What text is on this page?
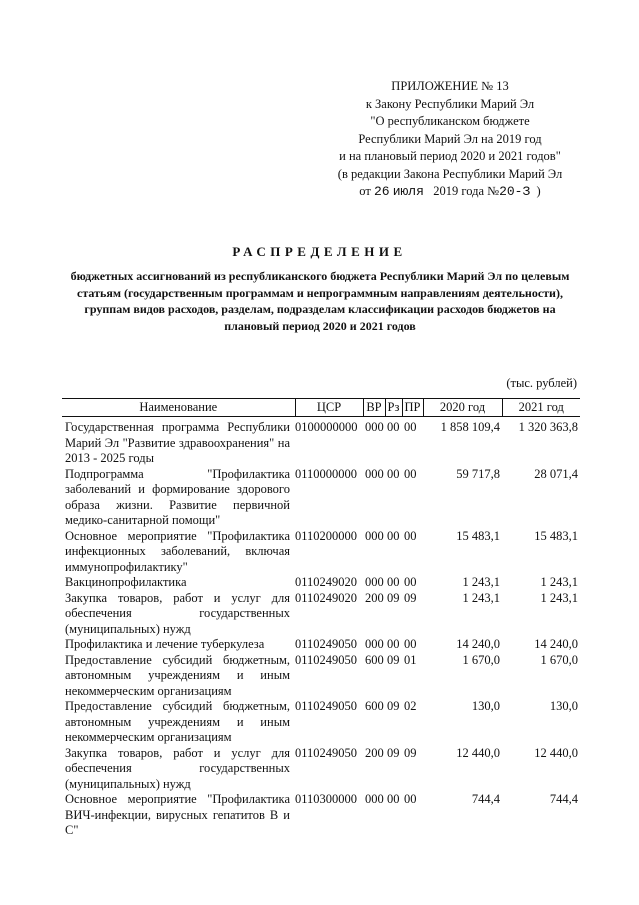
ПРИЛОЖЕНИЕ № 13
к Закону Республики Марий Эл
"О республиканском бюджете
Республики Марий Эл на 2019 год
и на плановый период 2020 и 2021 годов"
(в редакции Закона Республики Марий Эл
от 26 июля 2019 года №20-З )
РАСПРЕДЕЛЕНИЕ
бюджетных ассигнований из республиканского бюджета Республики Марий Эл по целевым статьям (государственным программам и непрограммным направлениям деятельности), группам видов расходов, разделам, подразделам классификации расходов бюджетов на плановый период 2020 и 2021 годов
(тыс. рублей)
Наименование	ЦСР	ВР	Рз	ПР	2020 год	2021 год
Государственная программа Республики Марий Эл "Развитие здравоохранения" на 2013 - 2025 годы	0100000000	000	00	00	1 858 109,4	1 320 363,8
Подпрограмма "Профилактика заболеваний и формирование здорового образа жизни. Развитие первичной медико-санитарной помощи"	0110000000	000	00	00	59 717,8	28 071,4
Основное мероприятие "Профилактика инфекционных заболеваний, включая иммунопрофилактику"	0110200000	000	00	00	15 483,1	15 483,1
Вакцинопрофилактика	0110249020	000	00	00	1 243,1	1 243,1
Закупка товаров, работ и услуг для обеспечения государственных (муниципальных) нужд	0110249020	200	09	09	1 243,1	1 243,1
Профилактика и лечение туберкулеза	0110249050	000	00	00	14 240,0	14 240,0
Предоставление субсидий бюджетным, автономным учреждениям и иным некоммерческим организациям	0110249050	600	09	01	1 670,0	1 670,0
Предоставление субсидий бюджетным, автономным учреждениям и иным некоммерческим организациям	0110249050	600	09	02	130,0	130,0
Закупка товаров, работ и услуг для обеспечения государственных (муниципальных) нужд	0110249050	200	09	09	12 440,0	12 440,0
Основное мероприятие "Профилактика ВИЧ-инфекции, вирусных гепатитов В и С"	0110300000	000	00	00	744,4	744,4
